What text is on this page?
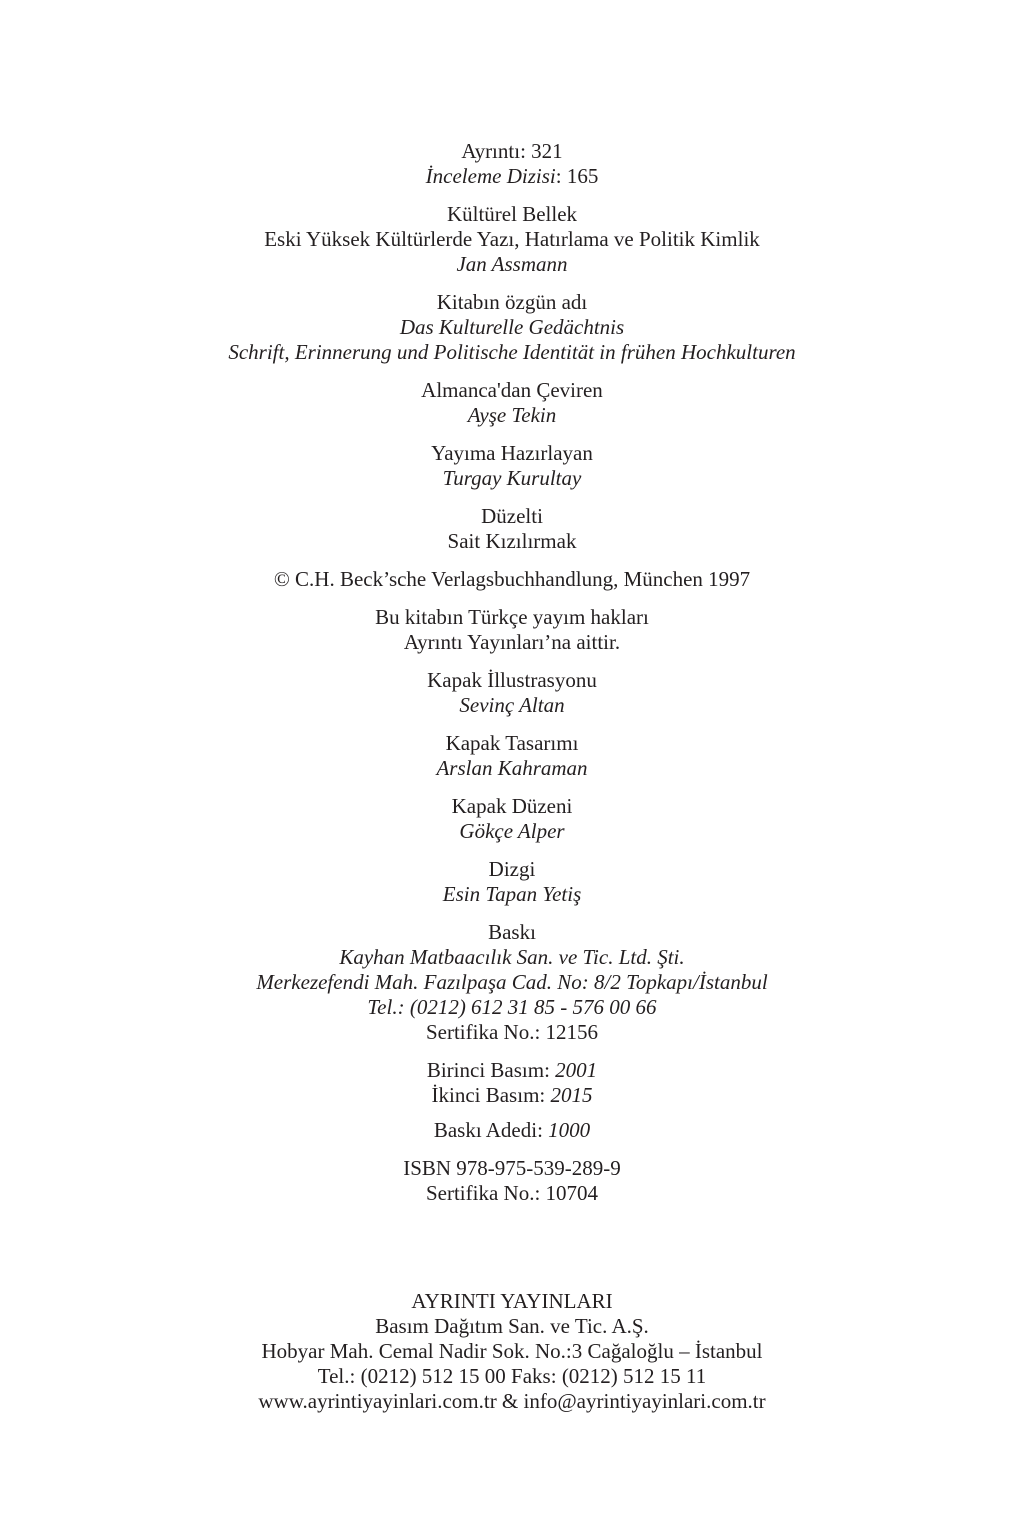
Ayrıntı: 321
İnceleme Dizisi: 165
Kültürel Bellek
Eski Yüksek Kültürlerde Yazı, Hatırlama ve Politik Kimlik
Jan Assmann
Kitabın özgün adı
Das Kulturelle Gedächtnis
Schrift, Erinnerung und Politische Identität in frühen Hochkulturen
Almanca'dan Çeviren
Ayşe Tekin
Yayıma Hazırlayan
Turgay Kurultay
Düzelti
Sait Kızılırmak
© C.H. Beck’sche Verlagsbuchhandlung, München 1997
Bu kitabın Türkçe yayım hakları
Ayrıntı Yayınları’na aittir.
Kapak İllustrasyonu
Sevinç Altan
Kapak Tasarımı
Arslan Kahraman
Kapak Düzeni
Gökçe Alper
Dizgi
Esin Tapan Yetiş
Baskı
Kayhan Matbaacılık San. ve Tic. Ltd. Şti.
Merkezefendi Mah. Fazılpaşa Cad. No: 8/2 Topkapı/İstanbul
Tel.: (0212) 612 31 85 - 576 00 66
Sertifika No.: 12156
Birinci Basım: 2001
İkinci Basım: 2015
Baskı Adedi: 1000
ISBN 978-975-539-289-9
Sertifika No.: 10704
AYRINTI YAYINLARI
Basım Dağıtım San. ve Tic. A.Ş.
Hobyar Mah. Cemal Nadir Sok. No.:3 Cağaloğlu – İstanbul
Tel.: (0212) 512 15 00 Faks: (0212) 512 15 11
www.ayrintiyayinlari.com.tr & info@ayrintiyayinlari.com.tr
